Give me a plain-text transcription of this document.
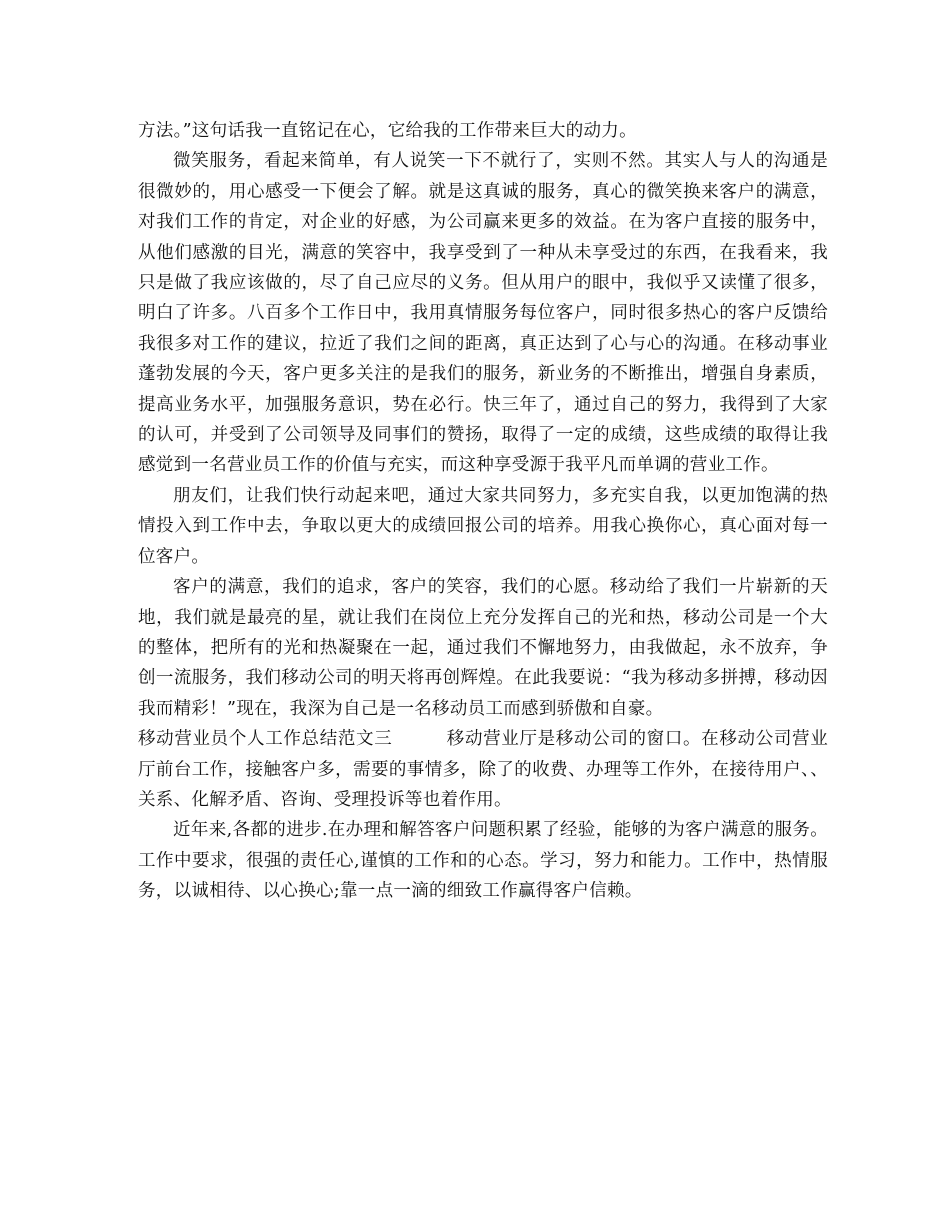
方法。”这句话我一直铭记在心，它给我的工作带来巨大的动力。

微笑服务，看起来简单，有人说笑一下不就行了，实则不然。其实人与人的沟通是很微妙的，用心感受一下便会了解。就是这真诚的服务，真心的微笑换来客户的满意，对我们工作的肯定，对企业的好感，为公司赢来更多的效益。在为客户直接的服务中，从他们感激的目光，满意的笑容中，我享受到了一种从未享受过的东西，在我看来，我只是做了我应该做的，尽了自己应尽的义务。但从用户的眼中，我似乎又读懂了很多，明白了许多。八百多个工作日中，我用真情服务每位客户，同时很多热心的客户反馈给我很多对工作的建议，拉近了我们之间的距离，真正达到了心与心的沟通。在移动事业蓬勃发展的今天，客户更多关注的是我们的服务，新业务的不断推出，增强自身素质，提高业务水平，加强服务意识，势在必行。快三年了，通过自己的努力，我得到了大家的认可，并受到了公司领导及同事们的赞扬，取得了一定的成绩，这些成绩的取得让我感觉到一名营业员工作的价值与充实，而这种享受源于我平凡而单调的营业工作。

朋友们，让我们快行动起来吧，通过大家共同努力，多充实自我，以更加饱满的热情投入到工作中去，争取以更大的成绩回报公司的培养。用我心换你心，真心面对每一位客户。

客户的满意，我们的追求，客户的笑容，我们的心愿。移动给了我们一片崭新的天地，我们就是最亮的星，就让我们在岗位上充分发挥自己的光和热，移动公司是一个大的整体，把所有的光和热凝聚在一起，通过我们不懈地努力，由我做起，永不放弃，争创一流服务，我们移动公司的明天将再创辉煌。在此我要说：“我为移动多拼搏，移动因我而精彩！”现在，我深为自己是一名移动员工而感到骄傲和自豪。

移动营业员个人工作总结范文三	移动营业厅是移动公司的窗口。在移动公司营业厅前台工作，接触客户多，需要的事情多，除了的收费、办理等工作外，在接待用户、、关系、化解矛盾、咨询、受理投诉等也着作用。

近年来,各都的进步.在办理和解答客户问题积累了经验，能够的为客户满意的服务。工作中要求，很强的责任心,谨慎的工作和的心态。学习，努力和能力。工作中，热情服务，以诚相待、以心换心;靠一点一滴的细致工作赢得客户信赖。
